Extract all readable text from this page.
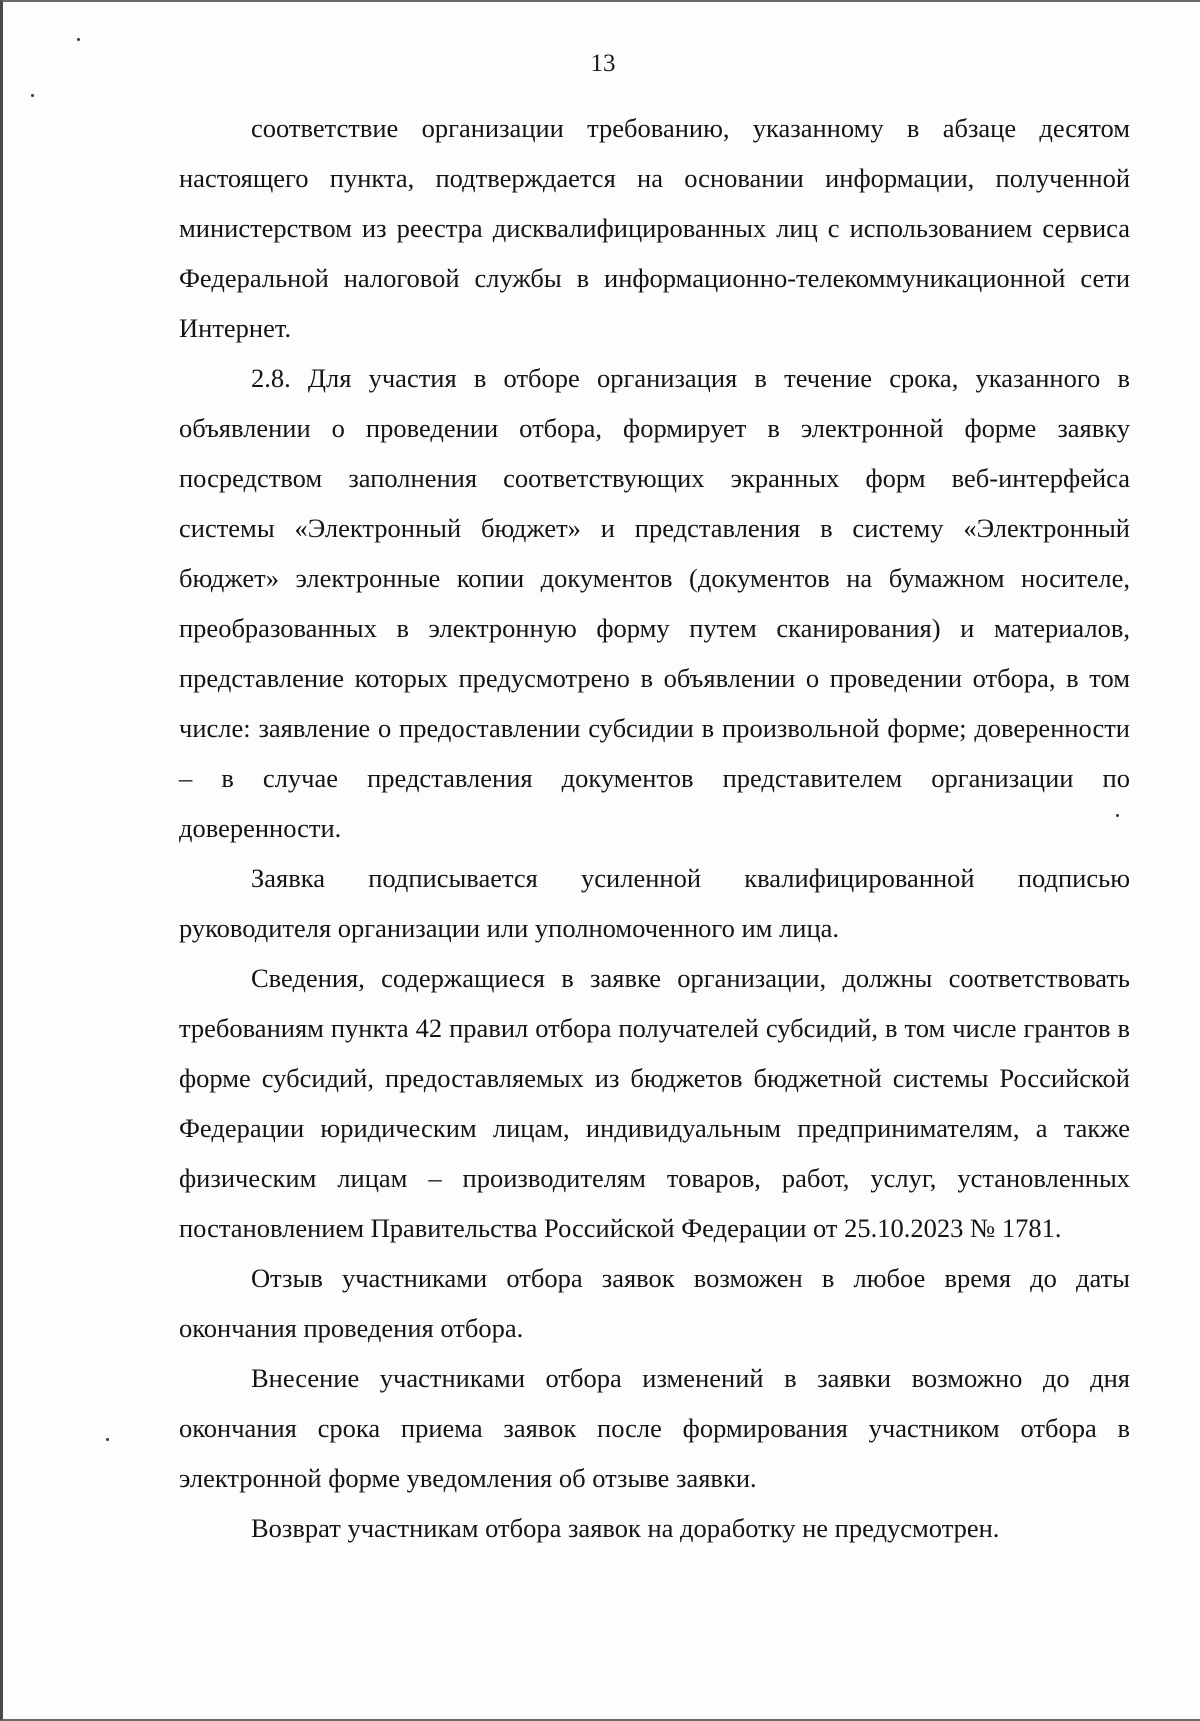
13

соответствие организации требованию, указанному в абзаце десятом настоящего пункта, подтверждается на основании информации, полученной министерством из реестра дисквалифицированных лиц с использованием сервиса Федеральной налоговой службы в информационно-телекоммуникационной сети Интернет.

2.8. Для участия в отборе организация в течение срока, указанного в объявлении о проведении отбора, формирует в электронной форме заявку посредством заполнения соответствующих экранных форм веб-интерфейса системы «Электронный бюджет» и представления в систему «Электронный бюджет» электронные копии документов (документов на бумажном носителе, преобразованных в электронную форму путем сканирования) и материалов, представление которых предусмотрено в объявлении о проведении отбора, в том числе: заявление о предоставлении субсидии в произвольной форме; доверенности – в случае представления документов представителем организации по доверенности.

Заявка подписывается усиленной квалифицированной подписью руководителя организации или уполномоченного им лица.

Сведения, содержащиеся в заявке организации, должны соответствовать требованиям пункта 42 правил отбора получателей субсидий, в том числе грантов в форме субсидий, предоставляемых из бюджетов бюджетной системы Российской Федерации юридическим лицам, индивидуальным предпринимателям, а также физическим лицам – производителям товаров, работ, услуг, установленных постановлением Правительства Российской Федерации от 25.10.2023 № 1781.

Отзыв участниками отбора заявок возможен в любое время до даты окончания проведения отбора.

Внесение участниками отбора изменений в заявки возможно до дня окончания срока приема заявок после формирования участником отбора в электронной форме уведомления об отзыве заявки.

Возврат участникам отбора заявок на доработку не предусмотрен.
